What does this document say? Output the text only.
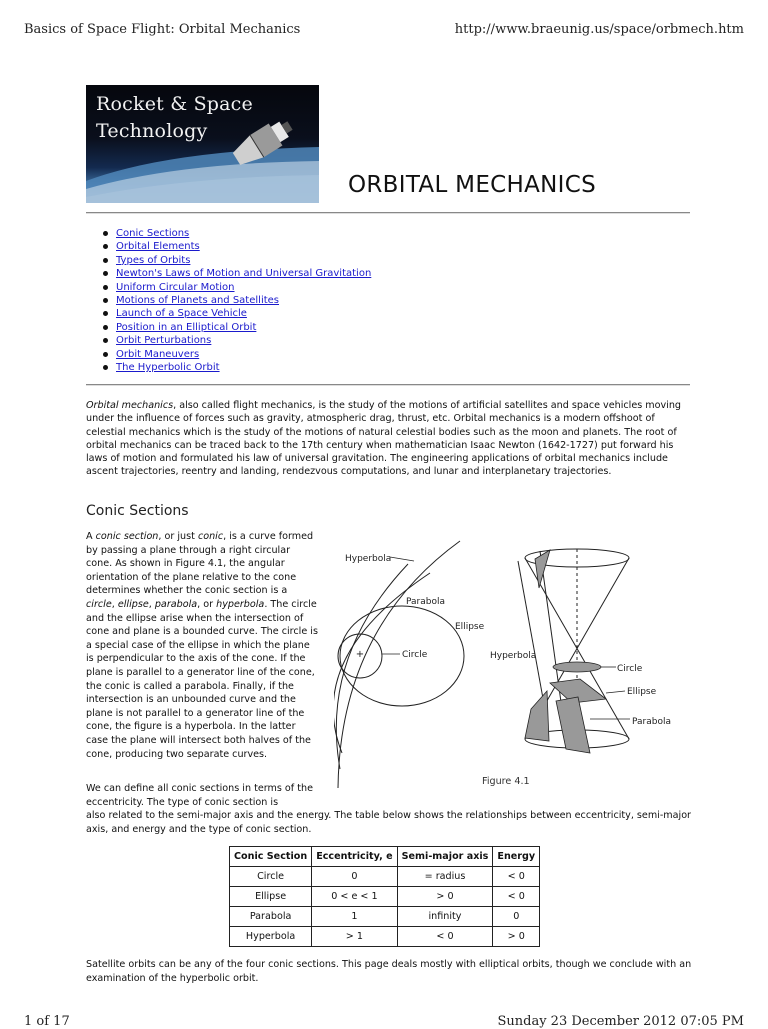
Basics of Space Flight: Orbital Mechanics	http://www.braeunig.us/space/orbmech.htm
Rocket & Space
Technology
ORBITAL MECHANICS
Conic Sections
Orbital Elements
Types of Orbits
Newton's Laws of Motion and Universal Gravitation
Uniform Circular Motion
Motions of Planets and Satellites
Launch of a Space Vehicle
Position in an Elliptical Orbit
Orbit Perturbations
Orbit Maneuvers
The Hyperbolic Orbit

Orbital mechanics, also called flight mechanics, is the study of the motions of artificial satellites and space vehicles moving under the influence of forces such as gravity, atmospheric drag, thrust, etc. Orbital mechanics is a modern offshoot of celestial mechanics which is the study of the motions of natural celestial bodies such as the moon and planets. The root of orbital mechanics can be traced back to the 17th century when mathematician Isaac Newton (1642-1727) put forward his laws of motion and formulated his law of universal gravitation. The engineering applications of orbital mechanics include ascent trajectories, reentry and landing, rendezvous computations, and lunar and interplanetary trajectories.

Conic Sections

A conic section, or just conic, is a curve formed by passing a plane through a right circular cone. As shown in Figure 4.1, the angular orientation of the plane relative to the cone determines whether the conic section is a circle, ellipse, parabola, or hyperbola. The circle and the ellipse arise when the intersection of cone and plane is a bounded curve. The circle is a special case of the ellipse in which the plane is perpendicular to the axis of the cone. If the plane is parallel to a generator line of the cone, the conic is called a parabola. Finally, if the intersection is an unbounded curve and the plane is not parallel to a generator line of the cone, the figure is a hyperbola. In the latter case the plane will intersect both halves of the cone, producing two separate curves.

Hyperbola
Parabola
Ellipse
Circle
+	Hyperbola
Circle
Ellipse
Parabola
Figure 4.1

We can define all conic sections in terms of the eccentricity. The type of conic section is

also related to the semi-major axis and the energy. The table below shows the relationships between eccentricity, semi-major axis, and energy and the type of conic section.

Conic Section	Eccentricity, e	Semi-major axis	Energy
Circle	0	= radius	< 0
Ellipse	0 < e < 1	> 0	< 0
Parabola	1	infinity	0
Hyperbola	> 1	< 0	> 0

Satellite orbits can be any of the four conic sections. This page deals mostly with elliptical orbits, though we conclude with an examination of the hyperbolic orbit.

1 of 17	Sunday 23 December 2012 07:05 PM
